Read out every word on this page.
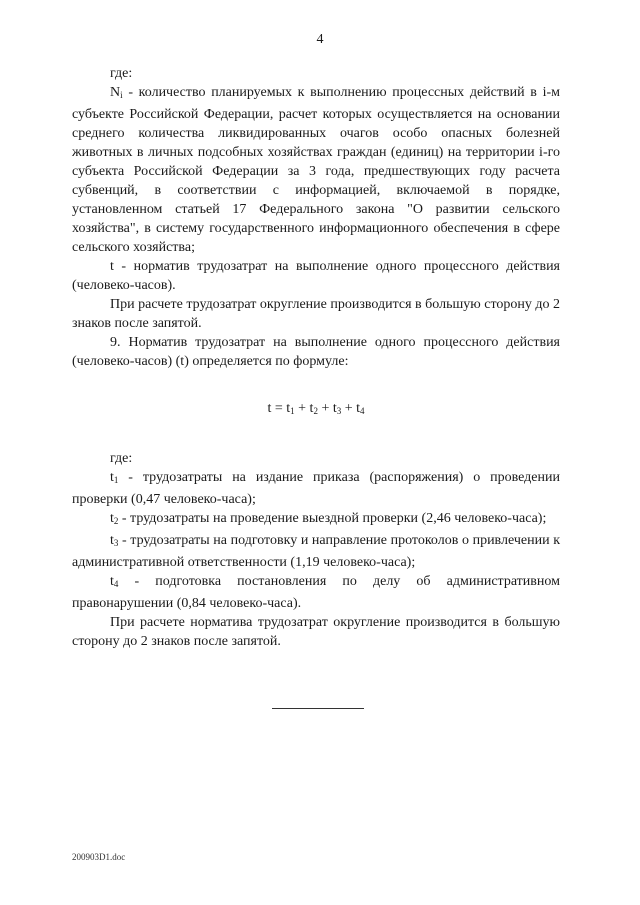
4

где:

$N_i$ - количество планируемых к выполнению процессных действий в i-м субъекте Российской Федерации, расчет которых осуществляется на основании среднего количества ликвидированных очагов особо опасных болезней животных в личных подсобных хозяйствах граждан (единиц) на территории i-го субъекта Российской Федерации за 3 года, предшествующих году расчета субвенций, в соответствии с информацией, включаемой в порядке, установленном статьей 17 Федерального закона "О развитии сельского хозяйства", в систему государственного информационного обеспечения в сфере сельского хозяйства;

t - норматив трудозатрат на выполнение одного процессного действия (человеко-часов).

При расчете трудозатрат округление производится в большую сторону до 2 знаков после запятой.

9. Норматив трудозатрат на выполнение одного процессного действия (человеко-часов) (t) определяется по формуле:

$t = t_1 + t_2 + t_3 + t_4$

где:

$t_1$ - трудозатраты на издание приказа (распоряжения) о проведении проверки (0,47 человеко-часа);

$t_2$ - трудозатраты на проведение выездной проверки (2,46 человеко-часа);

$t_3$ - трудозатраты на подготовку и направление протоколов о привлечении к административной ответственности (1,19 человеко-часа);

$t_4$ - подготовка постановления по делу об административном правонарушении (0,84 человеко-часа).

При расчете норматива трудозатрат округление производится в большую сторону до 2 знаков после запятой.

200903D1.doc
